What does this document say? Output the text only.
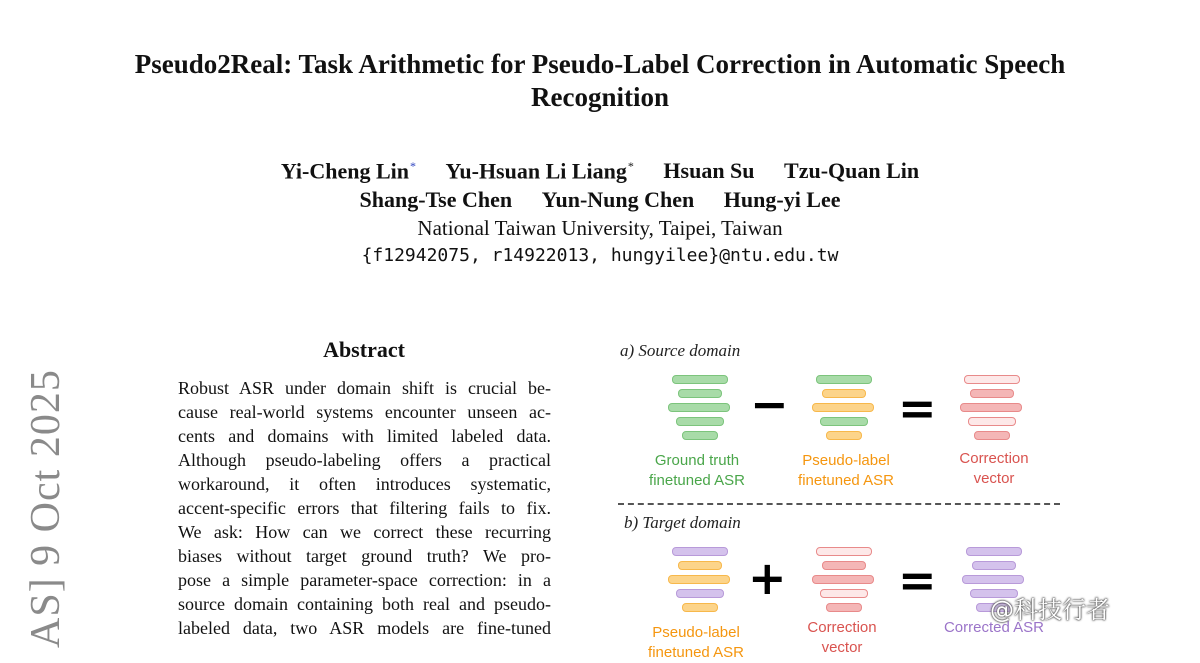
Pseudo2Real: Task Arithmetic for Pseudo-Label Correction in Automatic Speech Recognition
Yi-Cheng Lin* Yu-Hsuan Li Liang* Hsuan Su Tzu-Quan Lin
Shang-Tse Chen Yun-Nung Chen Hung-yi Lee
National Taiwan University, Taipei, Taiwan
{f12942075, r14922013, hungyilee}@ntu.edu.tw
AS] 9 Oct 2025
Abstract
Robust ASR under domain shift is crucial be-
cause real-world systems encounter unseen ac-
cents and domains with limited labeled data.
Although pseudo-labeling offers a practical
workaround, it often introduces systematic,
accent-specific errors that filtering fails to fix.
We ask: How can we correct these recurring
biases without target ground truth? We pro-
pose a simple parameter-space correction: in a
source domain containing both real and pseudo-
labeled data, two ASR models are fine-tuned
a) Source domain
− =
Ground truth
finetuned ASR
Pseudo-label
finetuned ASR
Correction
vector
b) Target domain
+ =
Pseudo-label
finetuned ASR
Correction
vector
Corrected ASR
@科技行者
